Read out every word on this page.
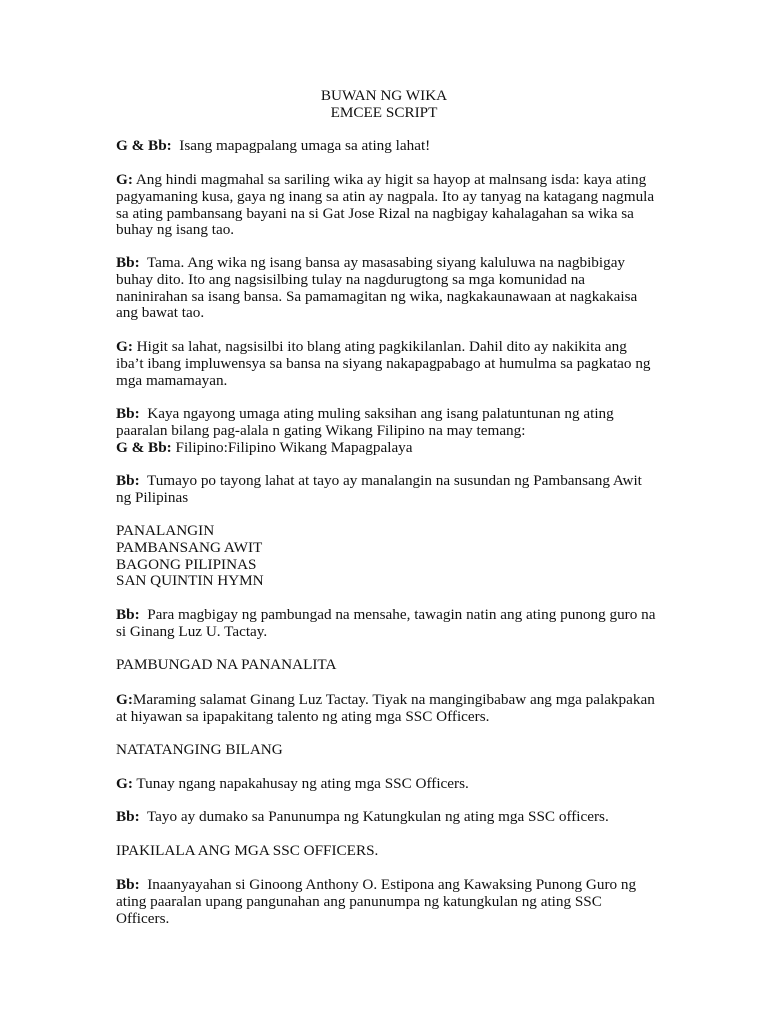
BUWAN NG WIKA
EMCEE SCRIPT

G & Bb:  Isang mapagpalang umaga sa ating lahat!

G: Ang hindi magmahal sa sariling wika ay higit sa hayop at malnsang isda: kaya ating pagyamaning kusa, gaya ng inang sa atin ay nagpala. Ito ay tanyag na katagang nagmula sa ating pambansang bayani na si Gat Jose Rizal na nagbigay kahalagahan sa wika sa buhay ng isang tao.

Bb:  Tama. Ang wika ng isang bansa ay masasabing siyang kaluluwa na nagbibigay buhay dito. Ito ang nagsisilbing tulay na nagdurugtong sa mga komunidad na naninirahan sa isang bansa. Sa pamamagitan ng wika, nagkakaunawaan at nagkakaisa ang bawat tao.

G: Higit sa lahat, nagsisilbi ito blang ating pagkikilanlan. Dahil dito ay nakikita ang iba’t ibang impluwensya sa bansa na siyang nakapagpabago at humulma sa pagkatao ng mga mamamayan.

Bb:  Kaya ngayong umaga ating muling saksihan ang isang palatuntunan ng ating paaralan bilang pag-alala n gating Wikang Filipino na may temang:

G & Bb: Filipino:Filipino Wikang Mapagpalaya

Bb:  Tumayo po tayong lahat at tayo ay manalangin na susundan ng Pambansang Awit ng Pilipinas

PANALANGIN

PAMBANSANG AWIT

BAGONG PILIPINAS

SAN QUINTIN HYMN

Bb:  Para magbigay ng pambungad na mensahe, tawagin natin ang ating punong guro na si Ginang Luz U. Tactay.

PAMBUNGAD NA PANANALITA

G:Maraming salamat Ginang Luz Tactay. Tiyak na mangingibabaw ang mga palakpakan at hiyawan sa ipapakitang talento ng ating mga SSC Officers.

NATATANGING BILANG

G: Tunay ngang napakahusay ng ating mga SSC Officers.

Bb:  Tayo ay dumako sa Panunumpa ng Katungkulan ng ating mga SSC officers.

IPAKILALA ANG MGA SSC OFFICERS.

Bb:  Inaanyayahan si Ginoong Anthony O. Estipona ang Kawaksing Punong Guro ng ating paaralan upang pangunahan ang panunumpa ng katungkulan ng ating SSC Officers.
